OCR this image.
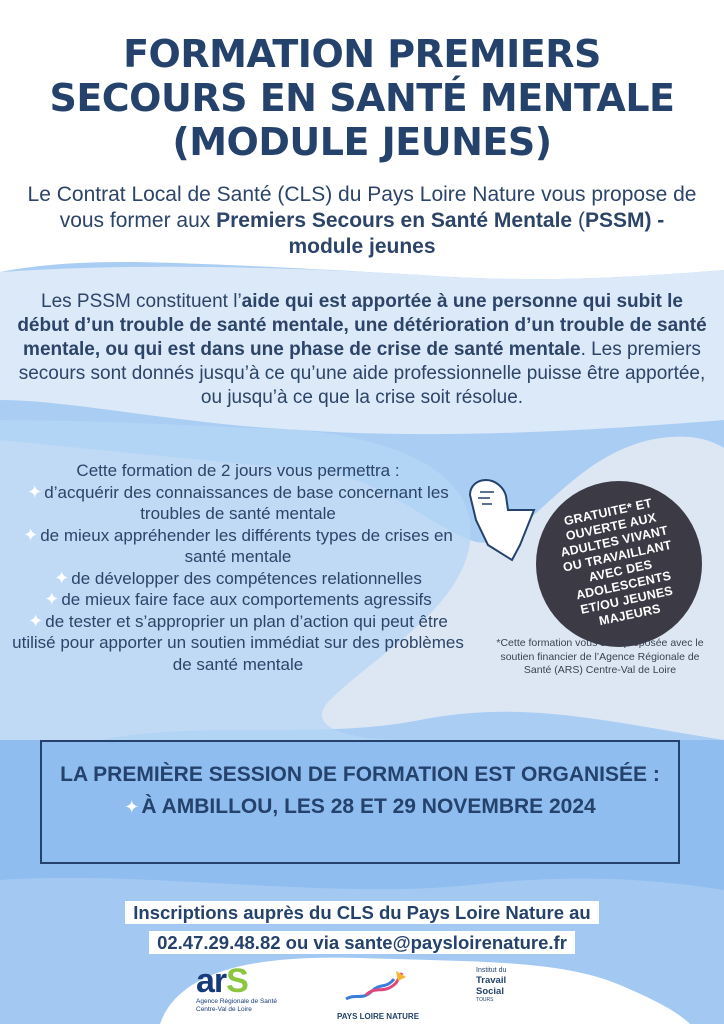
FORMATION PREMIERS
SECOURS EN SANTÉ MENTALE
(MODULE JEUNES)
Le Contrat Local de Santé (CLS) du Pays Loire Nature vous propose de vous former aux Premiers Secours en Santé Mentale (PSSM) - module jeunes
Les PSSM constituent l’aide qui est apportée à une personne qui subit le début d’un trouble de santé mentale, une détérioration d’un trouble de santé mentale, ou qui est dans une phase de crise de santé mentale. Les premiers secours sont donnés jusqu’à ce qu’une aide professionnelle puisse être apportée, ou jusqu’à ce que la crise soit résolue.
Cette formation de 2 jours vous permettra :
✦ d’acquérir des connaissances de base concernant les troubles de santé mentale
✦ de mieux appréhender les différents types de crises en santé mentale
✦ de développer des compétences relationnelles
✦ de mieux faire face aux comportements agressifs
✦ de tester et s’approprier un plan d’action qui peut être utilisé pour apporter un soutien immédiat sur des problèmes de santé mentale
GRATUITE* ET OUVERTE AUX ADULTES VIVANT OU TRAVAILLANT AVEC DES ADOLESCENTS ET/OU JEUNES MAJEURS
*Cette formation vous sera proposée avec le soutien financier de l’Agence Régionale de Santé (ARS) Centre-Val de Loire
LA PREMIÈRE SESSION DE FORMATION EST ORGANISÉE :
✦À AMBILLOU, LES 28 ET 29 NOVEMBRE 2024
Inscriptions auprès du CLS du Pays Loire Nature au
02.47.29.48.82 ou via sante@paysloirenature.fr
arS
Agence Régionale de Santé
Centre-Val de Loire
PAYS LOIRE NATURE
Institut du
Travail
Social
TOURS
